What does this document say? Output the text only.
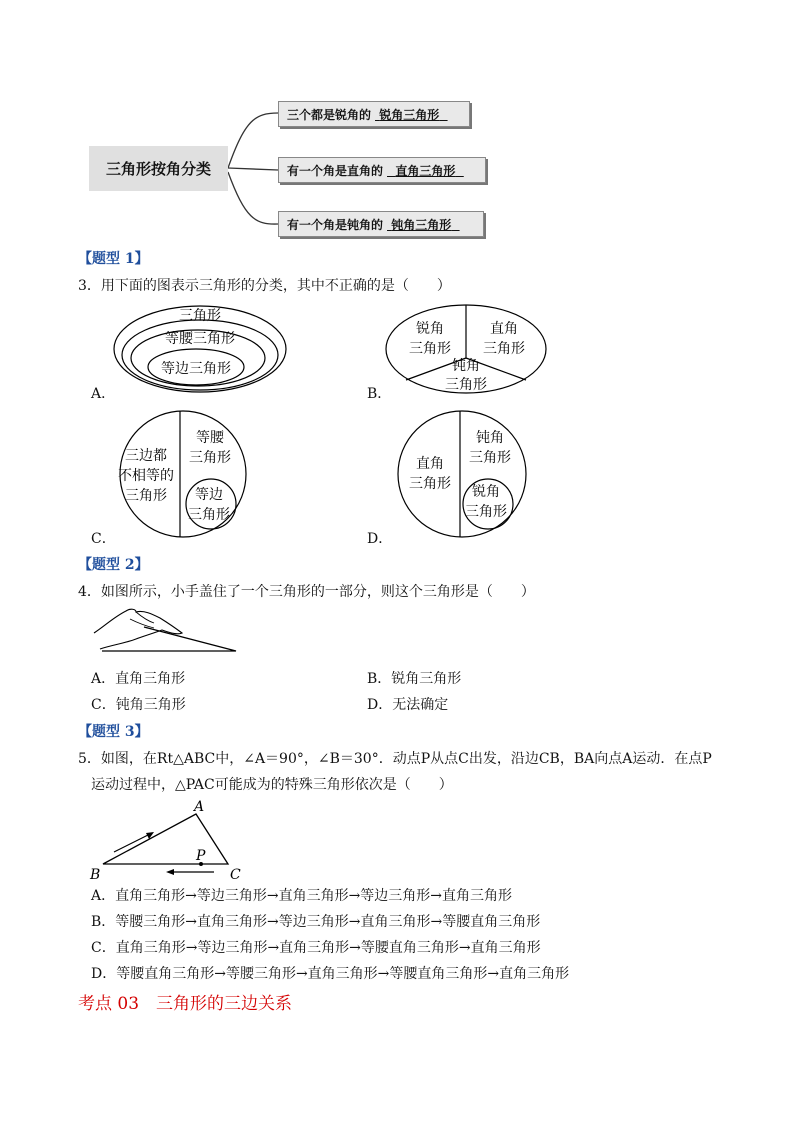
三角形按角分类
三个都是锐角的 锐角三角形
有一个角是直角的	直角三角形
有一个角是钝角的 钝角三角形
【题型 1】
3．用下面的图表示三角形的分类，其中不正确的是（　　）
三角形
等腰三角形
等边三角形
A．
锐角
三角形
直角
三角形
钝角
三角形
B．
三边都
不相等的
三角形
等腰
三角形
等边
三角形
C．
直角
三角形
钝角
三角形
锐角
三角形
D．
【题型 2】
4．如图所示，小手盖住了一个三角形的一部分，则这个三角形是（　　）
A．直角三角形	B．锐角三角形
C．钝角三角形	D．无法确定
【题型 3】
5．如图，在Rt△ABC中，∠A＝90°，∠B＝30°．动点P从点C出发，沿边CB，BA向点A运动．在点P
运动过程中，△PAC可能成为的特殊三角形依次是（　　）
A
B	C
P
A．直角三角形→等边三角形→直角三角形→等边三角形→直角三角形
B．等腰三角形→直角三角形→等边三角形→直角三角形→等腰直角三角形
C．直角三角形→等边三角形→直角三角形→等腰直角三角形→直角三角形
D．等腰直角三角形→等腰三角形→直角三角形→等腰直角三角形→直角三角形
考点 03　三角形的三边关系
